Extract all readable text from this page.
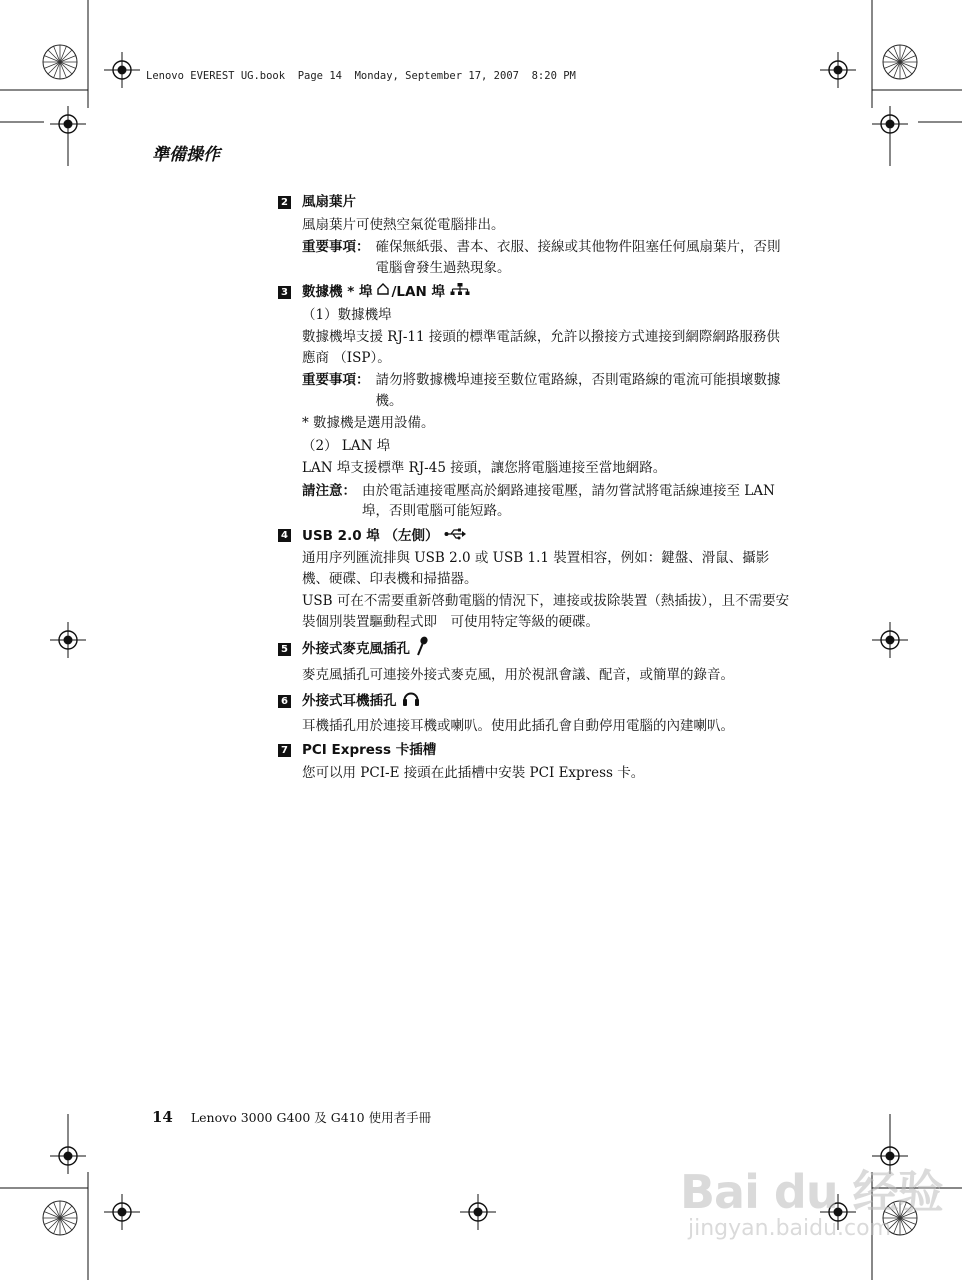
Lenovo EVEREST UG.book  Page 14  Monday, September 17, 2007  8:20 PM
準備操作
2 風扇葉片
風扇葉片可使熱空氣從電腦排出。
重要事項： 確保無紙張、書本、衣服、接線或其他物件阻塞任何風扇葉片，否則電腦會發生過熱現象。
3 數據機 * 埠 /LAN 埠
（1）數據機埠
數據機埠支援 RJ-11 接頭的標準電話線，允許以撥接方式連接到網際網路服務供應商 （ISP）。
重要事項： 請勿將數據機埠連接至數位電路線，否則電路線的電流可能損壞數據機。
* 數據機是選用設備。
（2） LAN 埠
LAN 埠支援標準 RJ-45 接頭，讓您將電腦連接至當地網路。
請注意： 由於電話連接電壓高於網路連接電壓，請勿嘗試將電話線連接至 LAN 埠，否則電腦可能短路。
4 USB 2.0 埠 （左側）
通用序列匯流排與 USB 2.0 或 USB 1.1 裝置相容，例如：鍵盤、滑鼠、攝影機、硬碟、印表機和掃描器。
USB 可在不需要重新啓動電腦的情況下，連接或拔除裝置（熱插拔），且不需要安裝個別裝置驅動程式即　可使用特定等級的硬碟。
5 外接式麥克風插孔
麥克風插孔可連接外接式麥克風，用於視訊會議、配音，或簡單的錄音。
6 外接式耳機插孔
耳機插孔用於連接耳機或喇叭。使用此插孔會自動停用電腦的內建喇叭。
7 PCI Express 卡插槽
您可以用 PCI-E 接頭在此插槽中安裝 PCI Express 卡。
14 Lenovo 3000 G400 及 G410 使用者手冊
Bai du 经验
jingyan.baidu.com
